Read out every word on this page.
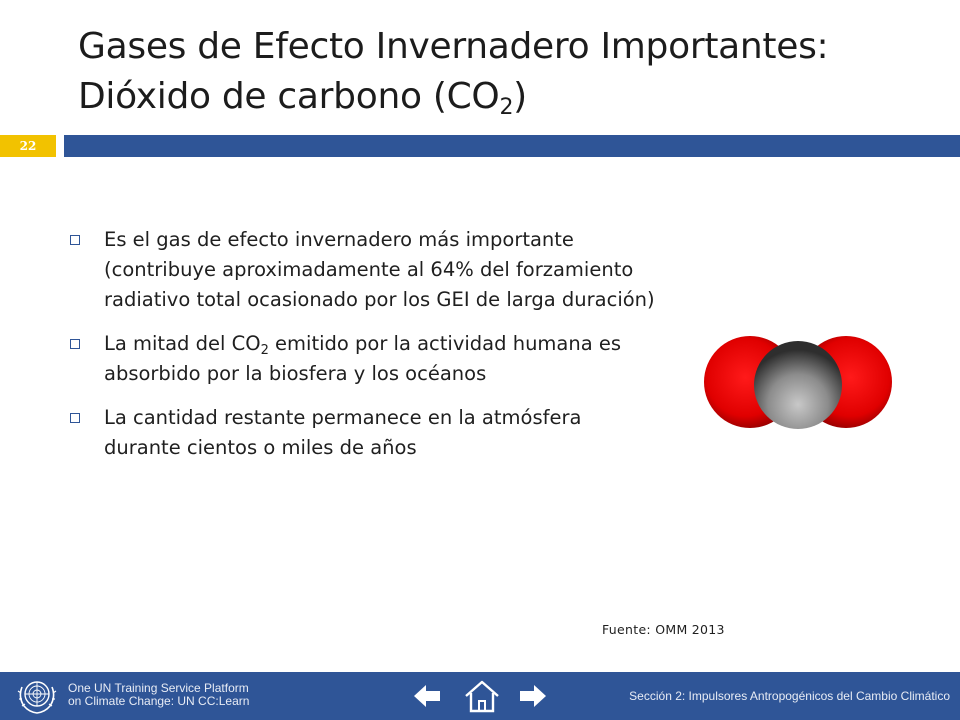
Gases de Efecto Invernadero Importantes:
Dióxido de carbono $(CO_2)$
22
Es el gas de efecto invernadero más importante (contribuye aproximadamente al 64% del forzamiento radiativo total ocasionado por los GEI de larga duración)
La mitad del $CO_2$ emitido por la actividad humana es absorbido por la biosfera y los océanos
La cantidad restante permanece en la atmósfera durante cientos o miles de años
Fuente: OMM 2013
One UN Training Service Platform
on Climate Change: UN CC:Learn	Sección 2: Impulsores Antropogénicos del Cambio Climático
